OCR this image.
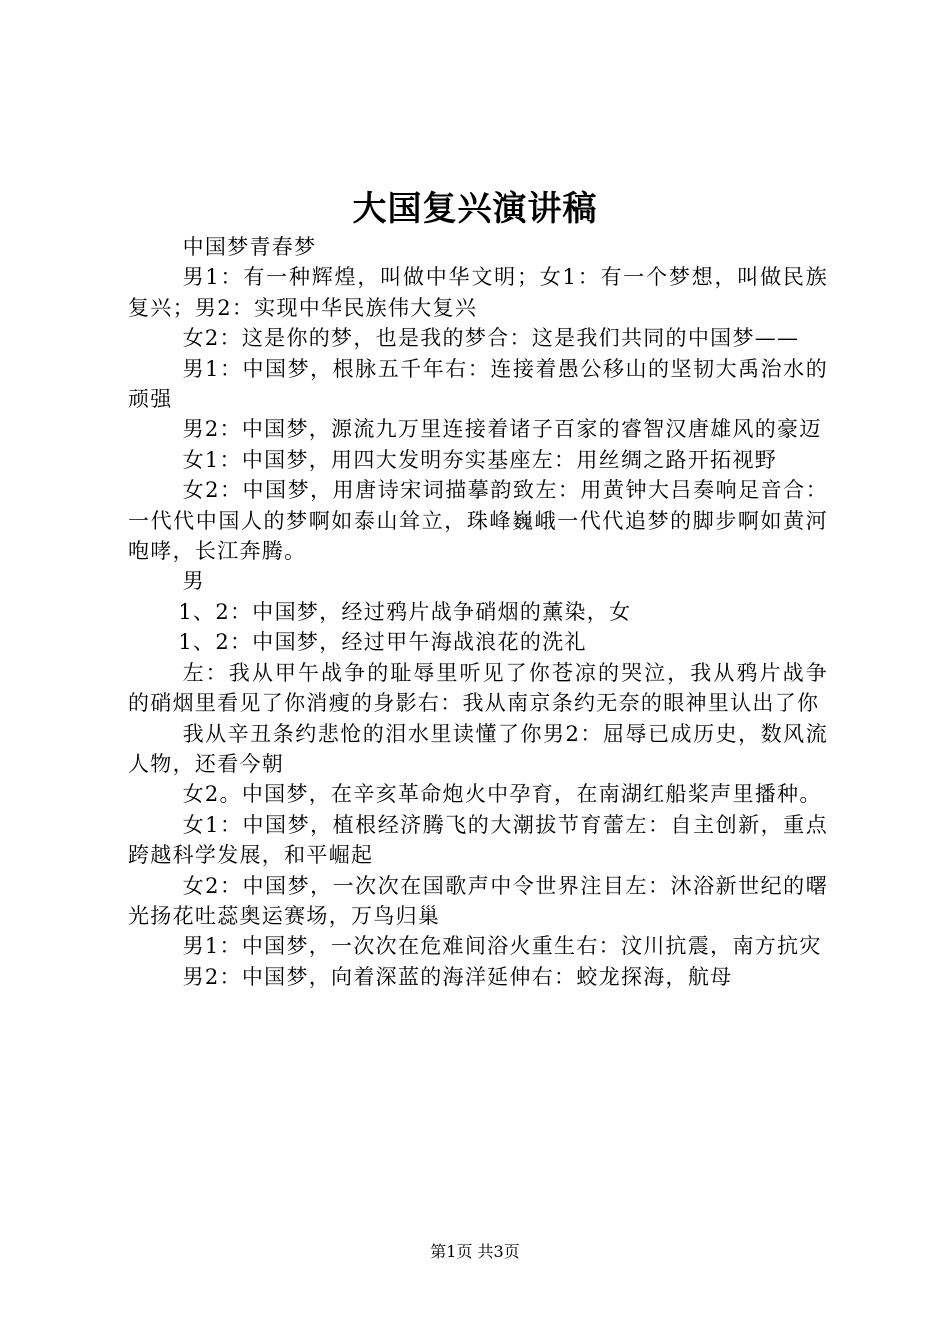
大国复兴演讲稿

中国梦青春梦

男1：有一种辉煌，叫做中华文明；女1：有一个梦想，叫做民族复兴；男2：实现中华民族伟大复兴

女2：这是你的梦，也是我的梦合：这是我们共同的中国梦——

男1：中国梦，根脉五千年右：连接着愚公移山的坚韧大禹治水的顽强

男2：中国梦，源流九万里连接着诸子百家的睿智汉唐雄风的豪迈

女1：中国梦，用四大发明夯实基座左：用丝绸之路开拓视野

女2：中国梦，用唐诗宋词描摹韵致左：用黄钟大吕奏响足音合：一代代中国人的梦啊如泰山耸立，珠峰巍峨一代代追梦的脚步啊如黄河咆哮，长江奔腾。

男

1、2：中国梦，经过鸦片战争硝烟的薰染，女

1、2：中国梦，经过甲午海战浪花的洗礼

左：我从甲午战争的耻辱里听见了你苍凉的哭泣，我从鸦片战争的硝烟里看见了你消瘦的身影右：我从南京条约无奈的眼神里认出了你

我从辛丑条约悲怆的泪水里读懂了你男2：屈辱已成历史，数风流人物，还看今朝

女2。中国梦，在辛亥革命炮火中孕育，在南湖红船桨声里播种。

女1：中国梦，植根经济腾飞的大潮拔节育蕾左：自主创新，重点跨越科学发展，和平崛起

女2：中国梦，一次次在国歌声中令世界注目左：沐浴新世纪的曙光扬花吐蕊奥运赛场，万鸟归巢

男1：中国梦，一次次在危难间浴火重生右：汶川抗震，南方抗灾

男2：中国梦，向着深蓝的海洋延伸右：蛟龙探海，航母

第1页 共3页
